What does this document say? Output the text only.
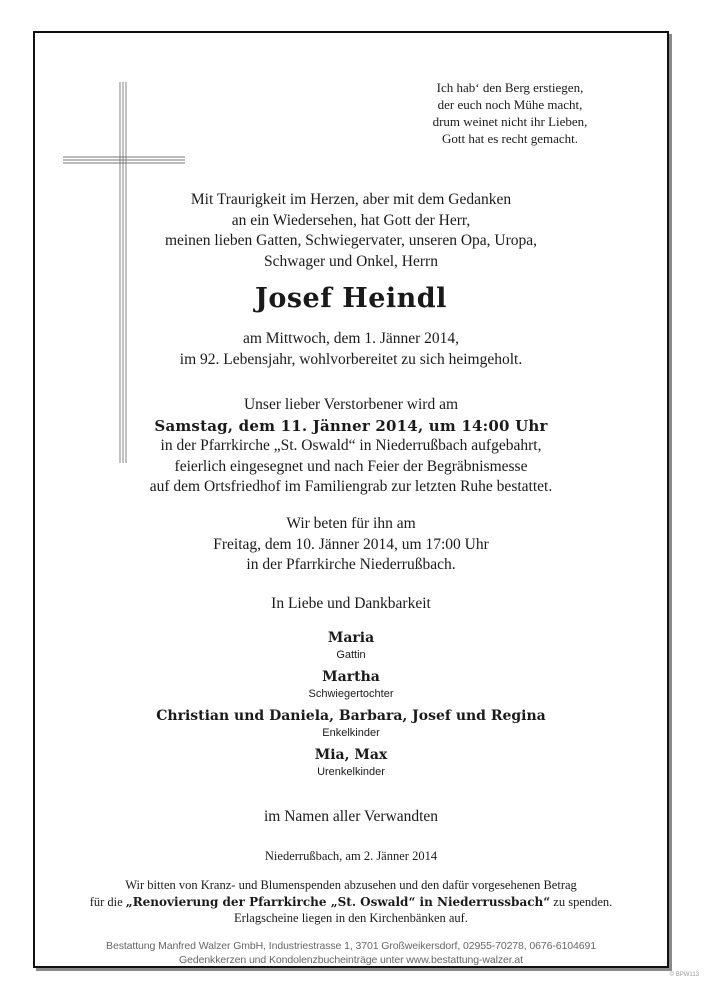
Ich hab‘ den Berg erstiegen,
der euch noch Mühe macht,
drum weinet nicht ihr Lieben,
Gott hat es recht gemacht.
Mit Traurigkeit im Herzen, aber mit dem Gedanken
an ein Wiedersehen, hat Gott der Herr,
meinen lieben Gatten, Schwiegervater, unseren Opa, Uropa,
Schwager und Onkel, Herrn
Josef Heindl
am Mittwoch, dem 1. Jänner 2014,
im 92. Lebensjahr, wohlvorbereitet zu sich heimgeholt.
Unser lieber Verstorbener wird am
Samstag, dem 11. Jänner 2014, um 14:00 Uhr
in der Pfarrkirche „St. Oswald“ in Niederrußbach aufgebahrt,
feierlich eingesegnet und nach Feier der Begräbnismesse
auf dem Ortsfriedhof im Familiengrab zur letzten Ruhe bestattet.
Wir beten für ihn am
Freitag, dem 10. Jänner 2014, um 17:00 Uhr
in der Pfarrkirche Niederrußbach.
In Liebe und Dankbarkeit
Maria
Gattin
Martha
Schwiegertochter
Christian und Daniela, Barbara, Josef und Regina
Enkelkinder
Mia, Max
Urenkelkinder
im Namen aller Verwandten
Niederrußbach, am 2. Jänner 2014
Wir bitten von Kranz- und Blumenspenden abzusehen und den dafür vorgesehenen Betrag
für die „Renovierung der Pfarrkirche „St. Oswald“ in Niederrussbach“ zu spenden.
Erlagscheine liegen in den Kirchenbänken auf.
Bestattung Manfred Walzer GmbH, Industriestrasse 1, 3701 Großweikersdorf, 02955-70278, 0676-6104691
Gedenkkerzen und Kondolenzbucheinträge unter www.bestattung-walzer.at
© BPW113
